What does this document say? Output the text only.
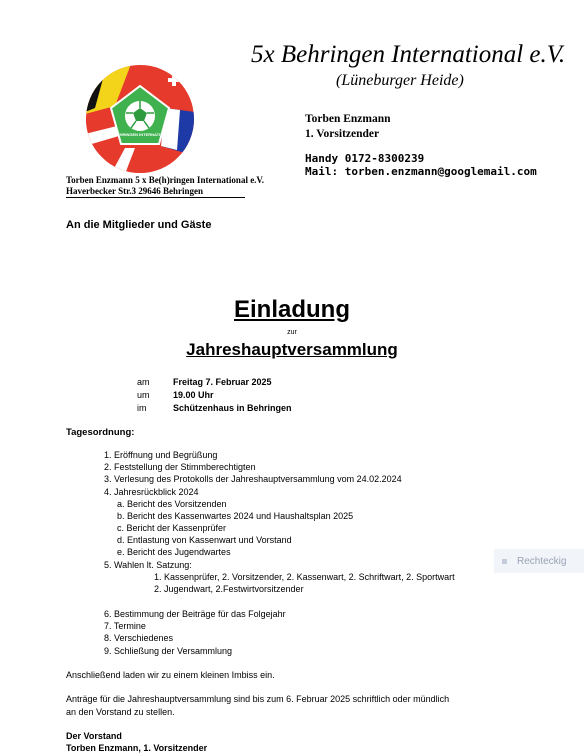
5x Behringen International e.V.
(Lüneburger Heide)
5x BEHRINGEN INTERNATIONAL
Torben Enzmann
1. Vorsitzender
Handy 0172-8300239
Mail: torben.enzmann@googlemail.com
Torben Enzmann 5 x Be(h)ringen International e.V.
Haverbecker Str.3 29646 Behringen
An die Mitglieder und Gäste
Einladung
zur
Jahreshauptversammlung
am	Freitag 7. Februar 2025
um	19.00 Uhr
im	Schützenhaus in Behringen
Tagesordnung:
1. Eröffnung und Begrüßung
2. Feststellung der Stimmberechtigten
3. Verlesung des Protokolls der Jahreshauptversammlung vom 24.02.2024
4. Jahresrückblick 2024
a. Bericht des Vorsitzenden
b. Bericht des Kassenwartes 2024 und Haushaltsplan 2025
c. Bericht der Kassenprüfer
d. Entlastung von Kassenwart und Vorstand
e. Bericht des Jugendwartes
5. Wahlen lt. Satzung:
1. Kassenprüfer, 2. Vorsitzender, 2. Kassenwart, 2. Schriftwart, 2. Sportwart
2. Jugendwart, 2.Festwirtvorsitzender
6. Bestimmung der Beiträge für das Folgejahr
7. Termine
8. Verschiedenes
9. Schließung der Versammlung
Anschließend laden wir zu einem kleinen Imbiss ein.
Anträge für die Jahreshauptversammlung sind bis zum 6. Februar 2025 schriftlich oder mündlich
an den Vorstand zu stellen.
Der Vorstand
Torben Enzmann, 1. Vorsitzender
Rechteckig
